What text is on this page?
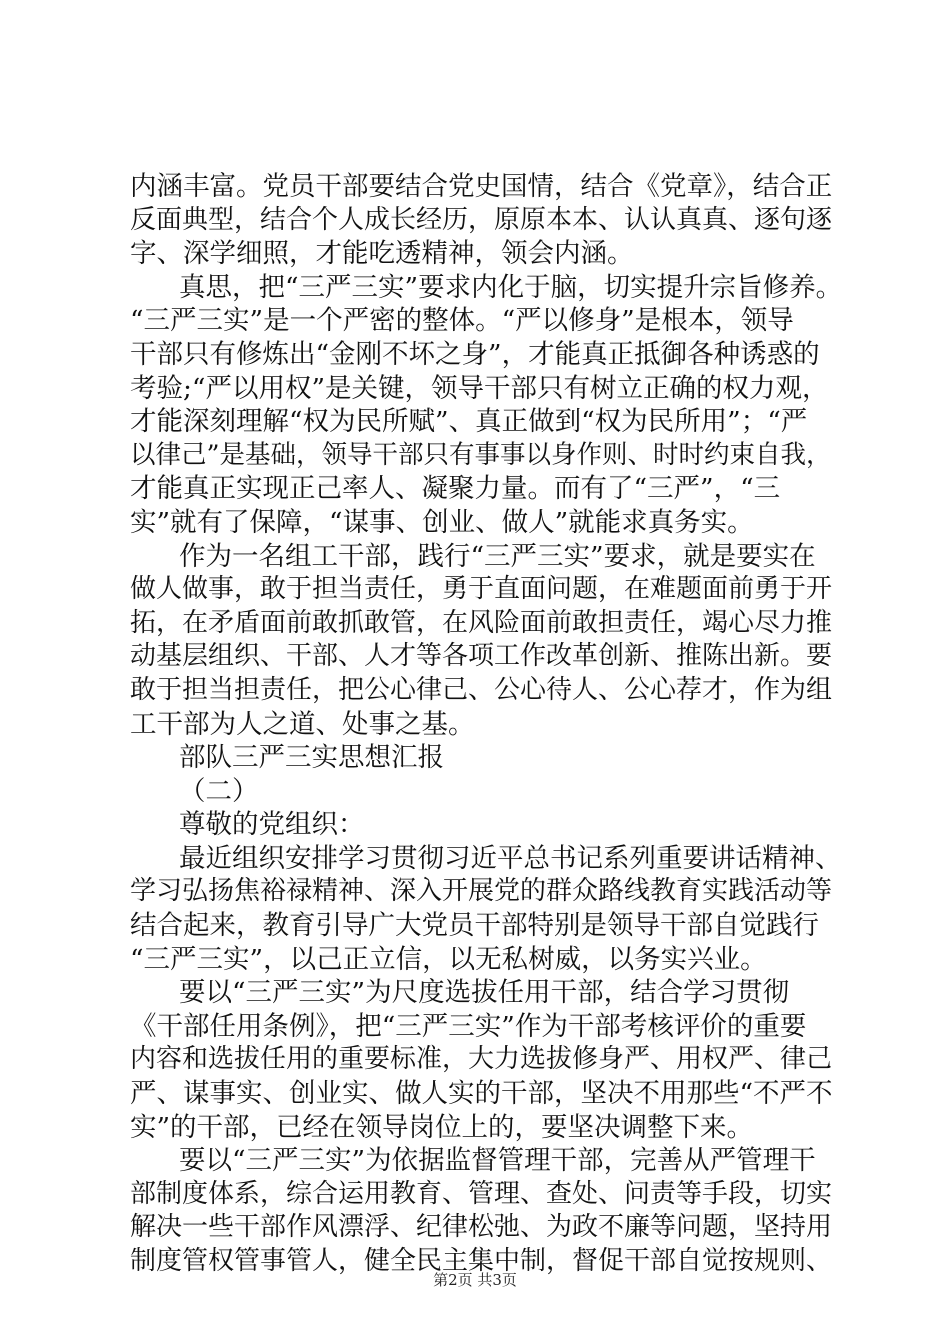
内涵丰富。党员干部要结合党史国情，结合《党章》，结合正
反面典型，结合个人成长经历，原原本本、认认真真、逐句逐
字、深学细照，才能吃透精神，领会内涵。
真思，把“三严三实”要求内化于脑，切实提升宗旨修养。
“三严三实”是一个严密的整体。“严以修身”是根本，领导
干部只有修炼出“金刚不坏之身”，才能真正抵御各种诱惑的
考验;“严以用权”是关键，领导干部只有树立正确的权力观，
才能深刻理解“权为民所赋”、真正做到“权为民所用”；“严
以律己”是基础，领导干部只有事事以身作则、时时约束自我，
才能真正实现正己率人、凝聚力量。而有了“三严”，“三
实”就有了保障，“谋事、创业、做人”就能求真务实。
作为一名组工干部，践行“三严三实”要求，就是要实在
做人做事，敢于担当责任，勇于直面问题，在难题面前勇于开
拓，在矛盾面前敢抓敢管，在风险面前敢担责任，竭心尽力推
动基层组织、干部、人才等各项工作改革创新、推陈出新。要
敢于担当担责任，把公心律己、公心待人、公心荐才，作为组
工干部为人之道、处事之基。
部队三严三实思想汇报
（二）
尊敬的党组织：
最近组织安排学习贯彻习近平总书记系列重要讲话精神、
学习弘扬焦裕禄精神、深入开展党的群众路线教育实践活动等
结合起来，教育引导广大党员干部特别是领导干部自觉践行
“三严三实”，以己正立信，以无私树威，以务实兴业。
要以“三严三实”为尺度选拔任用干部，结合学习贯彻
《干部任用条例》，把“三严三实”作为干部考核评价的重要
内容和选拔任用的重要标准，大力选拔修身严、用权严、律己
严、谋事实、创业实、做人实的干部，坚决不用那些“不严不
实”的干部，已经在领导岗位上的，要坚决调整下来。
要以“三严三实”为依据监督管理干部，完善从严管理干
部制度体系，综合运用教育、管理、查处、问责等手段，切实
解决一些干部作风漂浮、纪律松弛、为政不廉等问题，坚持用
制度管权管事管人，健全民主集中制，督促干部自觉按规则、
第2页 共3页
